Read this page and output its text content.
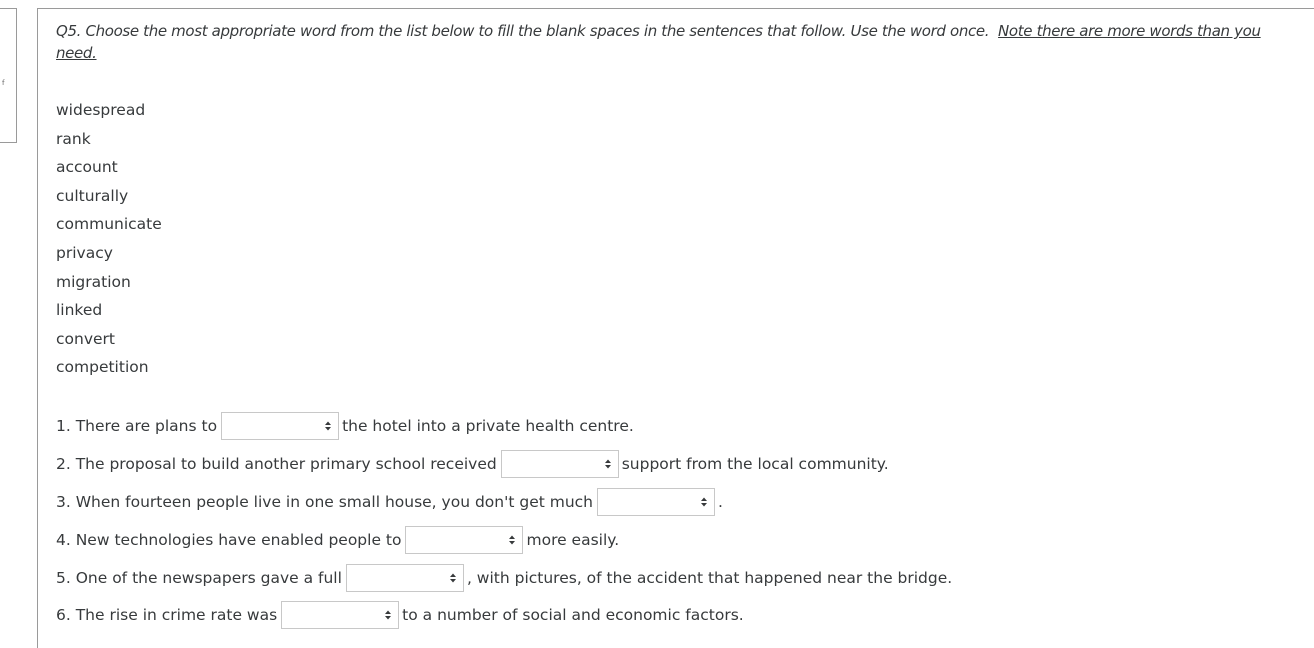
f
Q5. Choose the most appropriate word from the list below to fill the blank spaces in the sentences that follow. Use the word once. Note there are more words than you need.
widespread
rank
account
culturally
communicate
privacy
migration
linked
convert
competition
1. There are plans to	the hotel into a private health centre.
2. The proposal to build another primary school received	support from the local community.
3. When fourteen people live in one small house, you don't get much	.
4. New technologies have enabled people to	more easily.
5. One of the newspapers gave a full	, with pictures, of the accident that happened near the bridge.
6. The rise in crime rate was	to a number of social and economic factors.
